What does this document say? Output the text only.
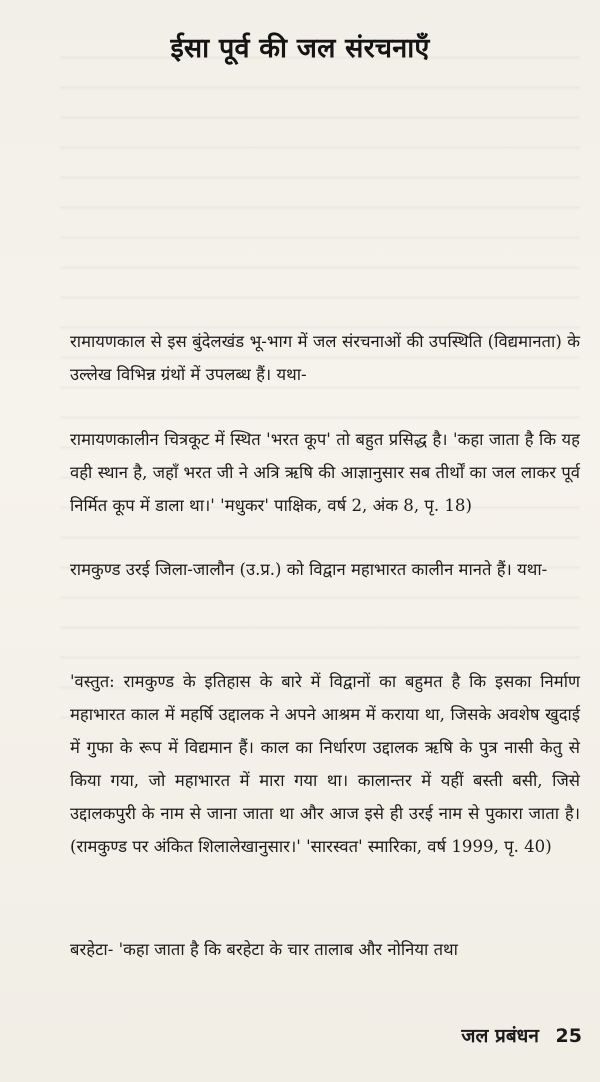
ईसा पूर्व की जल संरचनाएँ

रामायणकाल से इस बुंदेलखंड भू-भाग में जल संरचनाओं की उपस्थिति (विद्यमानता) के उल्लेख विभिन्न ग्रंथों में उपलब्ध हैं। यथा-

रामायणकालीन चित्रकूट में स्थित 'भरत कूप' तो बहुत प्रसिद्ध है। 'कहा जाता है कि यह वही स्थान है, जहाँ भरत जी ने अत्रि ऋषि की आज्ञानुसार सब तीर्थों का जल लाकर पूर्व निर्मित कूप में डाला था।' 'मधुकर' पाक्षिक, वर्ष 2, अंक 8, पृ. 18)

रामकुण्ड उरई जिला-जालौन (उ.प्र.) को विद्वान महाभारत कालीन मानते हैं। यथा-

'वस्तुत: रामकुण्ड के इतिहास के बारे में विद्वानों का बहुमत है कि इसका निर्माण महाभारत काल में महर्षि उद्दालक ने अपने आश्रम में कराया था, जिसके अवशेष खुदाई में गुफा के रूप में विद्यमान हैं। काल का निर्धारण उद्दालक ऋषि के पुत्र नासी केतु से किया गया, जो महाभारत में मारा गया था। कालान्तर में यहीं बस्ती बसी, जिसे उद्दालकपुरी के नाम से जाना जाता था और आज इसे ही उरई नाम से पुकारा जाता है। (रामकुण्ड पर अंकित शिलालेखानुसार।' 'सारस्वत' स्मारिका, वर्ष 1999, पृ. 40)

बरहेटा- 'कहा जाता है कि बरहेटा के चार तालाब और नोनिया तथा

जल प्रबंधन 25
